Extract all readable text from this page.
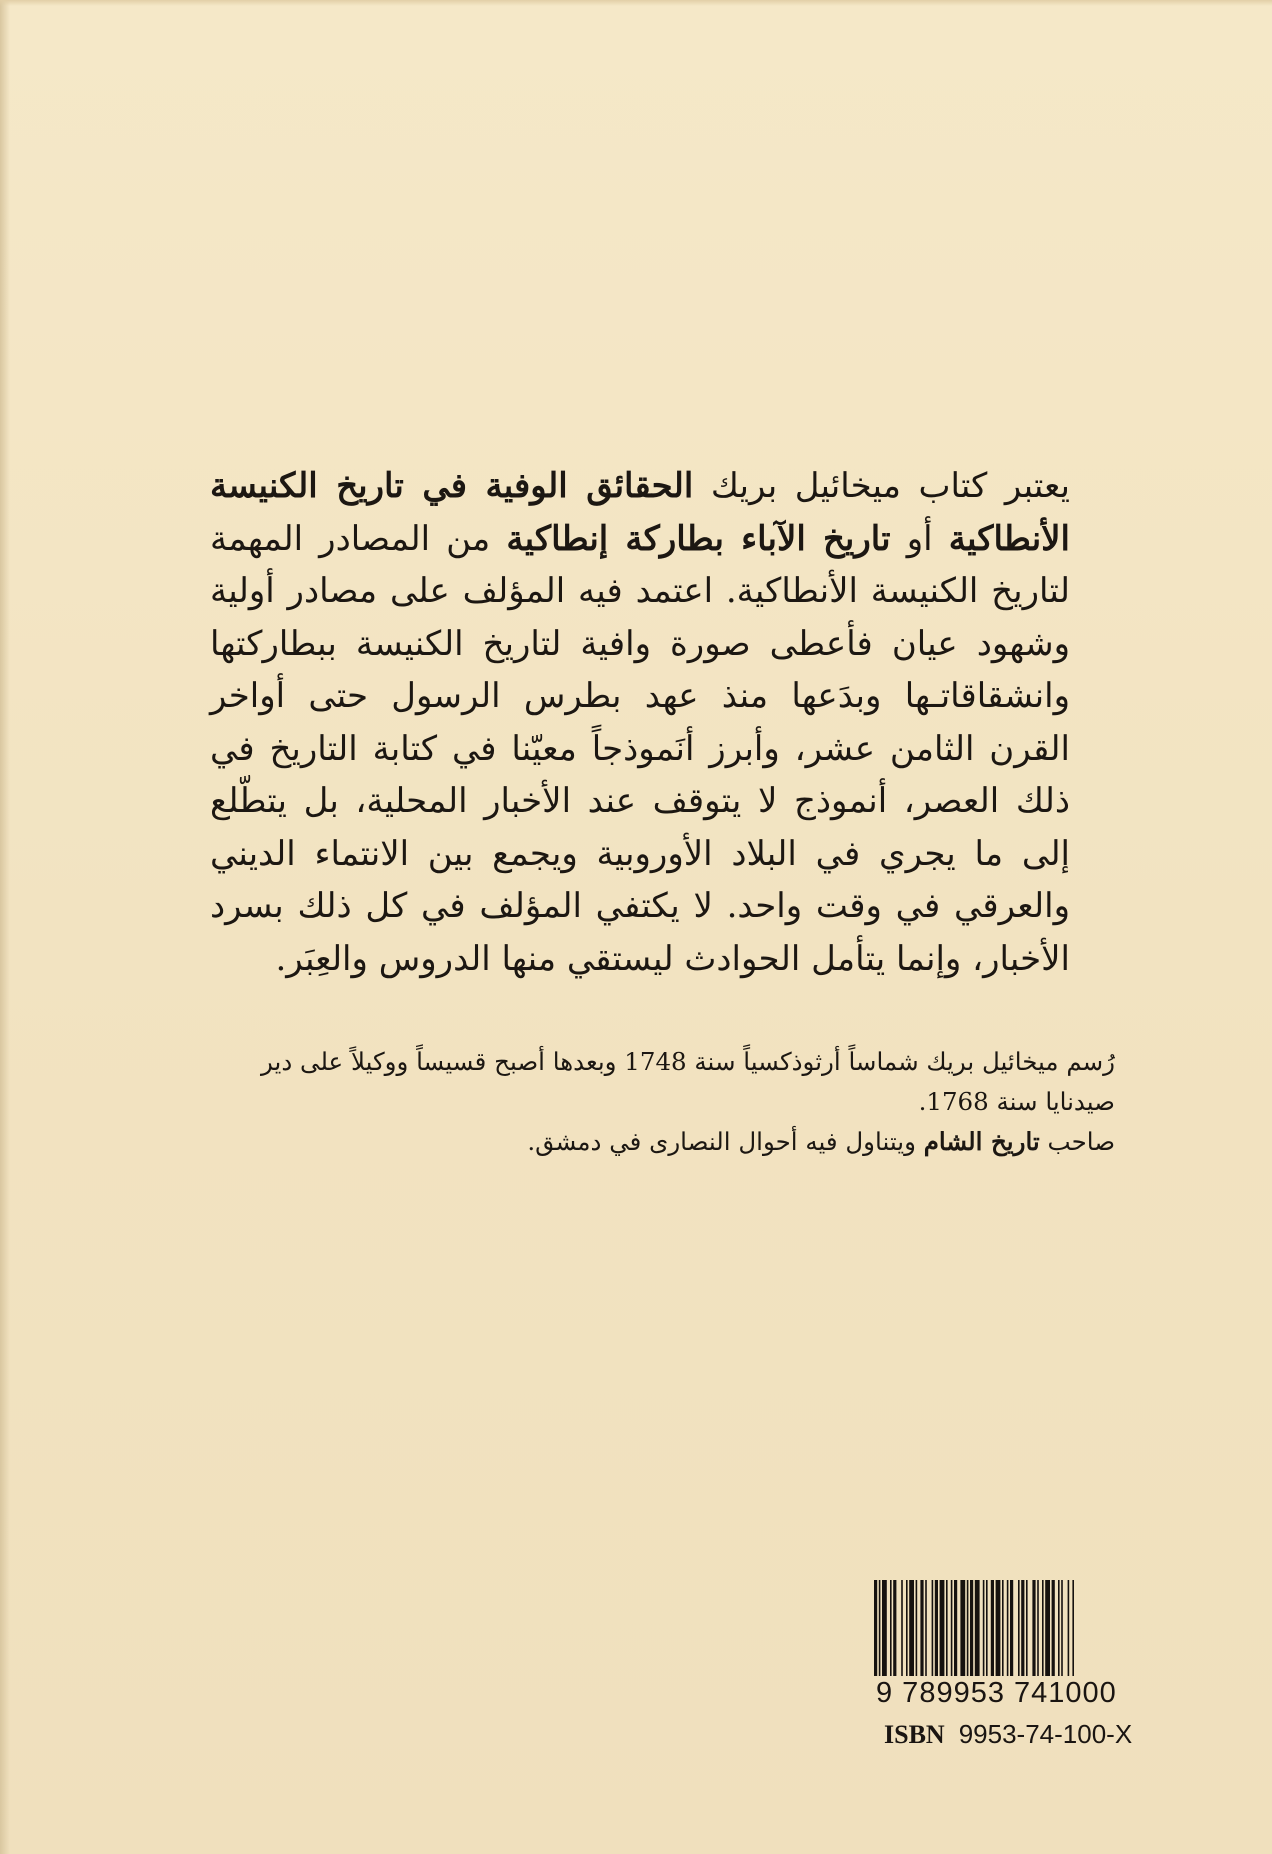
يعتبر كتاب ميخائيل بريك الحقائق الوفية في تاريخ الكنيسة الأنطاكية أو تاريخ الآباء بطاركة إنطاكية من المصادر المهمة لتاريخ الكنيسة الأنطاكية. اعتمد فيه المؤلف على مصادر أولية وشهود عيان فأعطى صورة وافية لتاريخ الكنيسة ببطاركتها وانشقاقاتـها وبدَعها منذ عهد بطرس الرسول حتى أواخر القرن الثامن عشر، وأبرز أنَموذجاً معيّنا في كتابة التاريخ في ذلك العصر، أنموذج لا يتوقف عند الأخبار المحلية، بل يتطّلع إلى ما يجري في البلاد الأوروبية ويجمع بين الانتماء الديني والعرقي في وقت واحد. لا يكتفي المؤلف في كل ذلك بسرد الأخبار، وإنما يتأمل الحوادث ليستقي منها الدروس والعِبَر.

رُسم ميخائيل بريك شماساً أرثوذكسياً سنة 1748 وبعدها أصبح قسيساً ووكيلاً على دير صيدنايا سنة 1768.

صاحب تاريخ الشام ويتناول فيه أحوال النصارى في دمشق.

9 789953 741000
ISBN 9953-74-100-X
